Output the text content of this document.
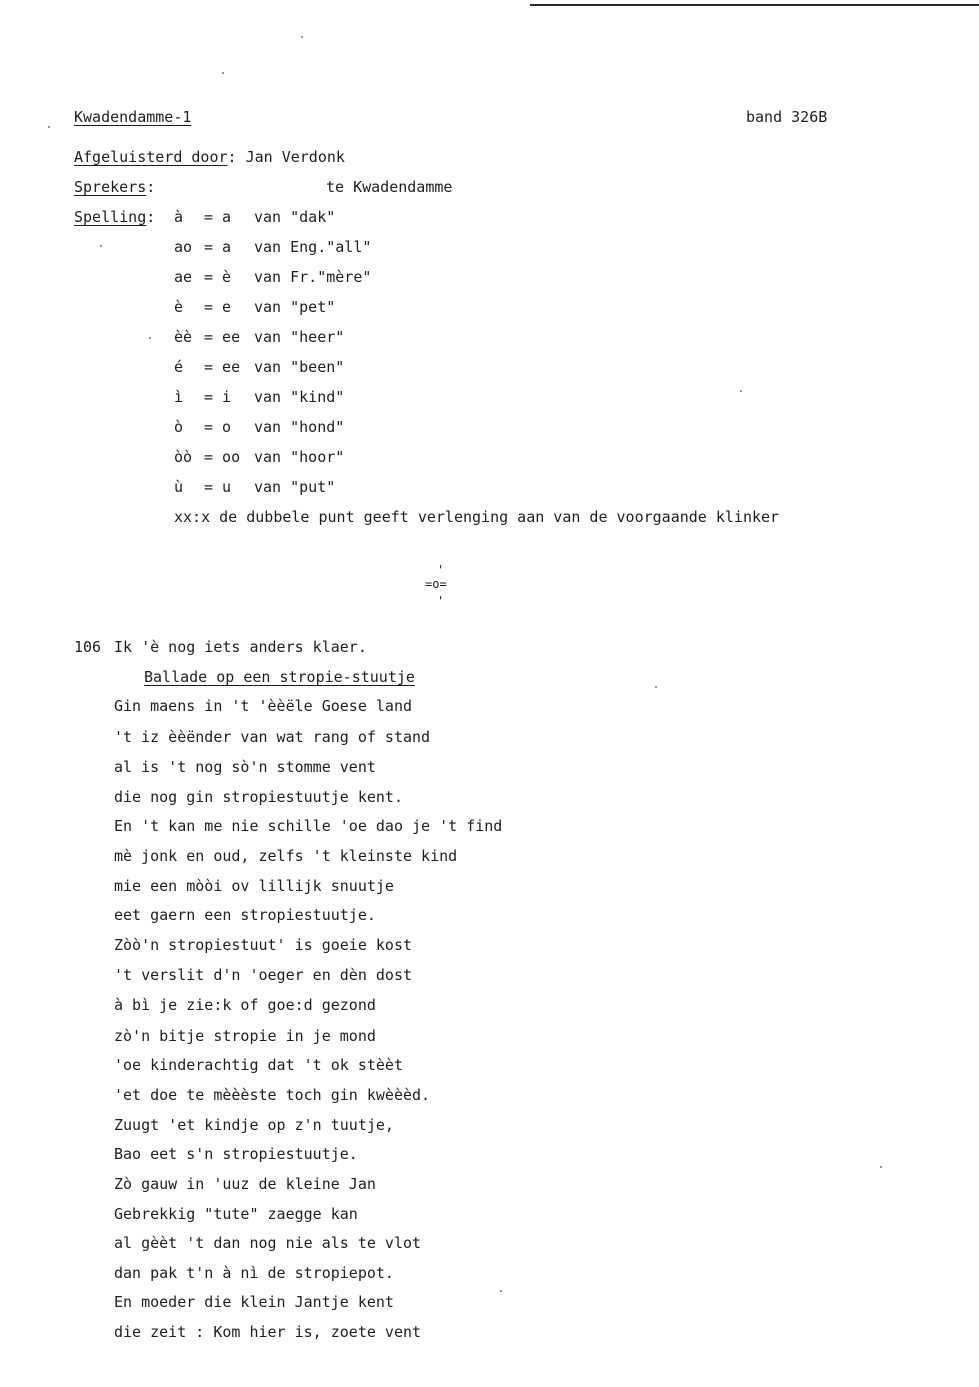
Kwadendamme-1	band 326B
Afgeluisterd door: Jan Verdonk
Sprekers:	te Kwadendamme
Spelling: à = a van "dak"
ao = a van Eng."all"
ae = è van Fr."mère"
è = e van "pet"
èè = ee van "heer"
é = ee van "been"
ì = i van "kind"
ò = o van "hond"
òò = oo van "hoor"
ù = u van "put"
xx:x de dubbele punt geeft verlenging aan van de voorgaande klinker
'
=o=
'
106 Ik 'è nog iets anders klaer.
Ballade op een stropie-stuutje
Gin maens in 't 'èèële Goese land
't iz èèënder van wat rang of stand
al is 't nog sò'n stomme vent
die nog gin stropiestuutje kent.
En 't kan me nie schille 'oe dao je 't find
mè jonk en oud, zelfs 't kleinste kind
mie een mòòi ov lillijk snuutje
eet gaern een stropiestuutje.
Zòò'n stropiestuut' is goeie kost
't verslit d'n 'oeger en dèn dost
à bì je zie:k of goe:d gezond
zò'n bitje stropie in je mond
'oe kinderachtig dat 't ok stèèt
'et doe te mèèèste toch gin kwèèèd.
Zuugt 'et kindje op z'n tuutje,
Bao eet s'n stropiestuutje.
Zò gauw in 'uuz de kleine Jan
Gebrekkig "tute" zaegge kan
al gèèt 't dan nog nie als te vlot
dan pak t'n à nì de stropiepot.
En moeder die klein Jantje kent
die zeit : Kom hier is, zoete vent
